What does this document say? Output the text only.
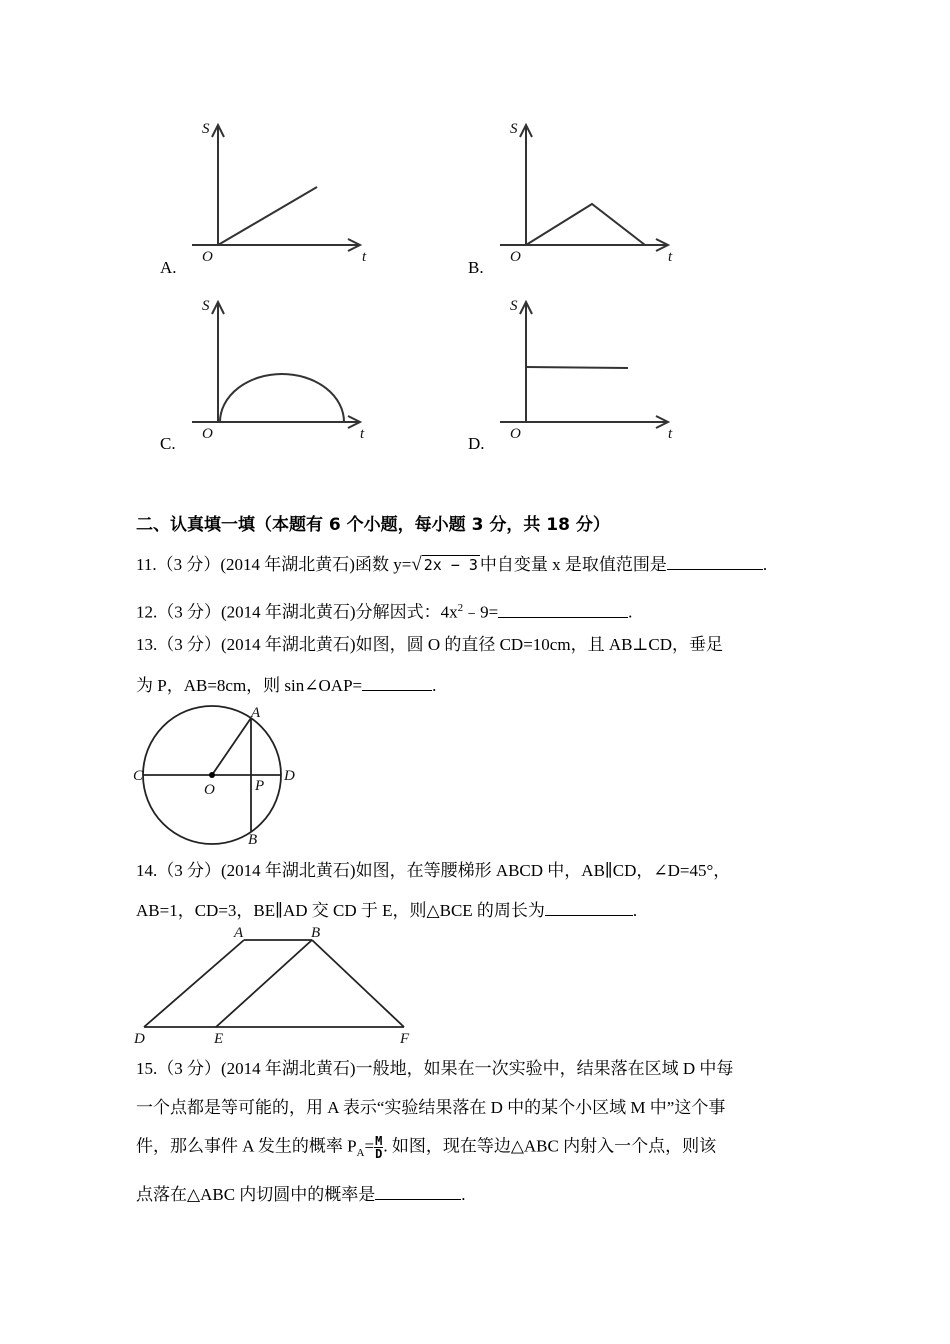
S
O	t
A.
S
O	t
B.
S
O	t
C.
S
O	t
D.
二、认真填一填（本题有 6 个小题，每小题 3 分，共 18 分）
11.（3 分）(2014 年湖北黄石)函数 y=√ 2x − 3 中自变量 x 是取值范围是	.
12.（3 分）(2014 年湖北黄石)分解因式：$4x^2﹣9=$	.
13.（3 分）(2014 年湖北黄石)如图，圆 O 的直径 CD=10cm，且 AB⊥CD，垂足
为 P，AB=8cm，则 sin∠OAP=	.
A
B
C	D
O	P
14.（3 分）(2014 年湖北黄石)如图，在等腰梯形 ABCD 中，AB∥CD，∠D=45°，
AB=1，CD=3，BE∥AD 交 CD 于 E，则△BCE 的周长为	.
A	B
D	E	F
15.（3 分）(2014 年湖北黄石)一般地，如果在一次实验中，结果落在区域 D 中每
一个点都是等可能的，用 A 表示“实验结果落在 D 中的某个小区域 M 中”这个事
件，那么事件 A 发生的概率 $P_A= \frac{M}{D}$ . 如图，现在等边△ABC 内射入一个点，则该
点落在△ABC 内切圆中的概率是	.
